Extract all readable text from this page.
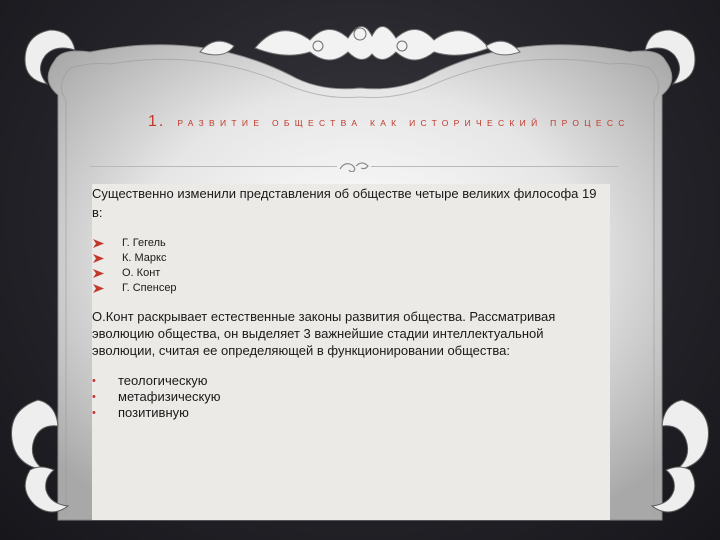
1. РАЗВИТИЕ ОБЩЕСТВА КАК ИСТОРИЧЕСКИЙ ПРОЦЕСС

Существенно изменили представления об обществе четыре великих философа 19 в:

Г. Гегель
К. Маркс
О. Конт
Г. Спенсер

О.Конт раскрывает естественные законы развития общества. Рассматривая эволюцию общества, он выделяет 3 важнейшие стадии интеллектуальной эволюции, считая ее определяющей в функционировании общества:

•	теологическую
•	метафизическую
•	позитивную
